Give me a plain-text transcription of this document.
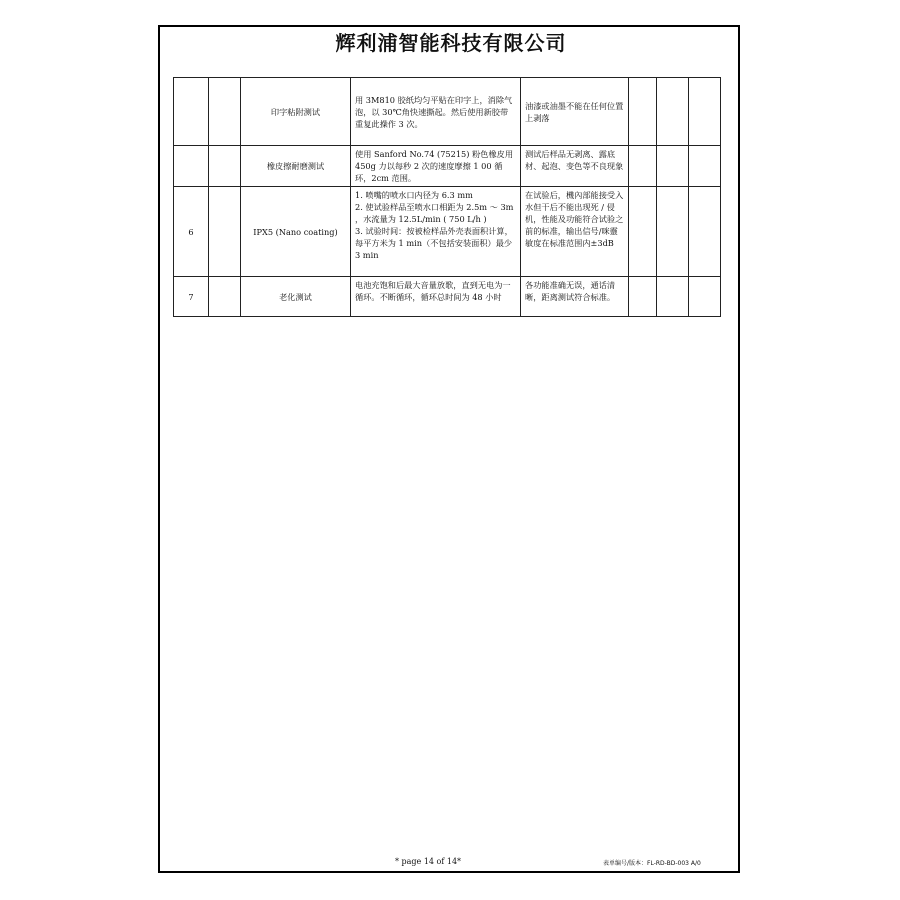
辉利浦智能科技有限公司
		印字粘附测试	用 3M810 胶纸均匀平贴在印字上，消除气泡，以 30℃角快速撕起。然后使用新胶带重复此操作 3 次。	油漆或油墨不能在任何位置上剥落			
		橡皮擦耐磨测试	使用 Sanford No.74 (75215) 粉色橡皮用 450g 力以每秒 2 次的速度摩擦 1 00 循环，2cm 范围。	测试后样品无剥离、露底材、起泡、变色等不良现象			
6		IPX5 (Nano coating)	1. 喷嘴的喷水口内径为 6.3 mm
2. 使试验样品至喷水口相距为 2.5m ～ 3m ，水流量为 12.5L/min ( 750 L/h )
3. 试验时间：按被检样品外壳表面积计算，每平方米为 1 min（不包括安装面积）最少 3 min	在试验后，機內部能接受入水但干后不能出现死 / 侵机，性能及功能符合试验之前的标准，输出信号/咪靈敏度在标准范围内±3dB			
7		老化测试	电池充饱和后最大音量放歌，直到无电为一循环。不断循环，循环总时间为 48 小时	各功能准确无误，通话清晰，距离测试符合标准。			
* page 14 of 14*	表单编号/版本：FL-RD-BD-003 A/0
